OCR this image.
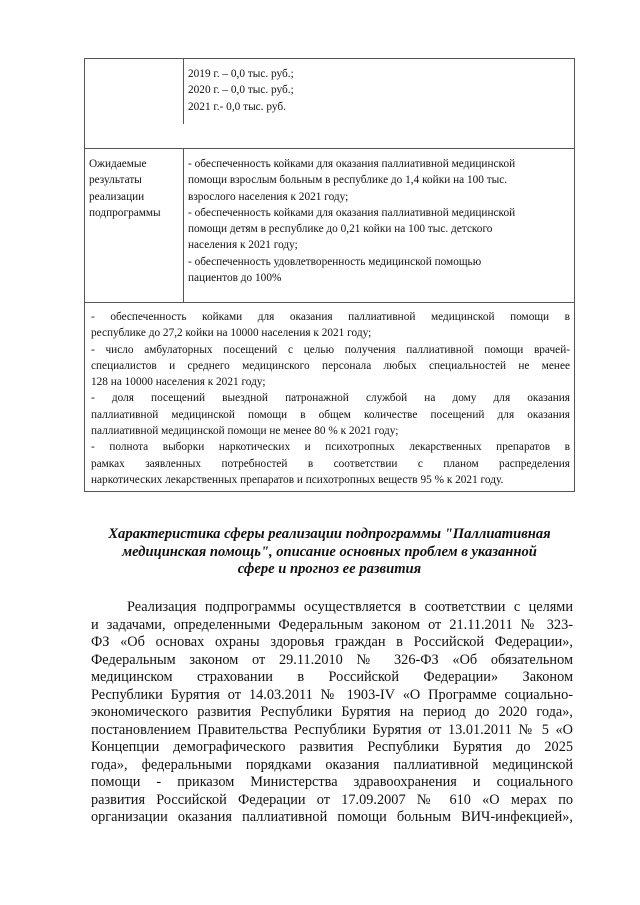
2019 г. – 0,0 тыс. руб.;
2020 г. – 0,0 тыс. руб.;
2021 г.- 0,0 тыс. руб.
Ожидаемые
результаты
реализации
подпрограммы
- обеспеченность койками для оказания паллиативной медицинской
помощи взрослым больным в республике до 1,4 койки на 100 тыс.
взрослого населения к 2021 году;
- обеспеченность койками для оказания паллиативной медицинской
помощи детям в республике до 0,21 койки на 100 тыс. детского
населения к 2021 году;
- обеспеченность удовлетворенность медицинской помощью
пациентов до 100%
- обеспеченность койками для оказания паллиативной медицинской помощи в
республике до 27,2 койки на 10000 населения к 2021 году;
- число амбулаторных посещений с целью получения паллиативной помощи врачей-
специалистов и среднего медицинского персонала любых специальностей не менее
128 на 10000 населения к 2021 году;
- доля посещений выездной патронажной службой на дому для оказания
паллиативной медицинской помощи в общем количестве посещений для оказания
паллиативной медицинской помощи не менее 80 % к 2021 году;
- полнота выборки наркотических и психотропных лекарственных препаратов в
рамках заявленных потребностей в соответствии с планом распределения
наркотических лекарственных препаратов и психотропных веществ 95 % к 2021 году.
Характеристика сферы реализации подпрограммы "Паллиативная
медицинская помощь", описание основных проблем в указанной
сфере и прогноз ее развития
Реализация подпрограммы осуществляется в соответствии с целями
и задачами, определенными Федеральным законом от 21.11.2011 № 323-
ФЗ «Об основах охраны здоровья граждан в Российской Федерации»,
Федеральным законом от 29.11.2010 № 326-ФЗ «Об обязательном
медицинском страховании в Российской Федерации» Законом
Республики Бурятия от 14.03.2011 № 1903-IV «О Программе социально-
экономического развития Республики Бурятия на период до 2020 года»,
постановлением Правительства Республики Бурятия от 13.01.2011 № 5 «О
Концепции демографического развития Республики Бурятия до 2025
года», федеральными порядками оказания паллиативной медицинской
помощи - приказом Министерства здравоохранения и социального
развития Российской Федерации от 17.09.2007 № 610 «О мерах по
организации оказания паллиативной помощи больным ВИЧ-инфекцией»,
